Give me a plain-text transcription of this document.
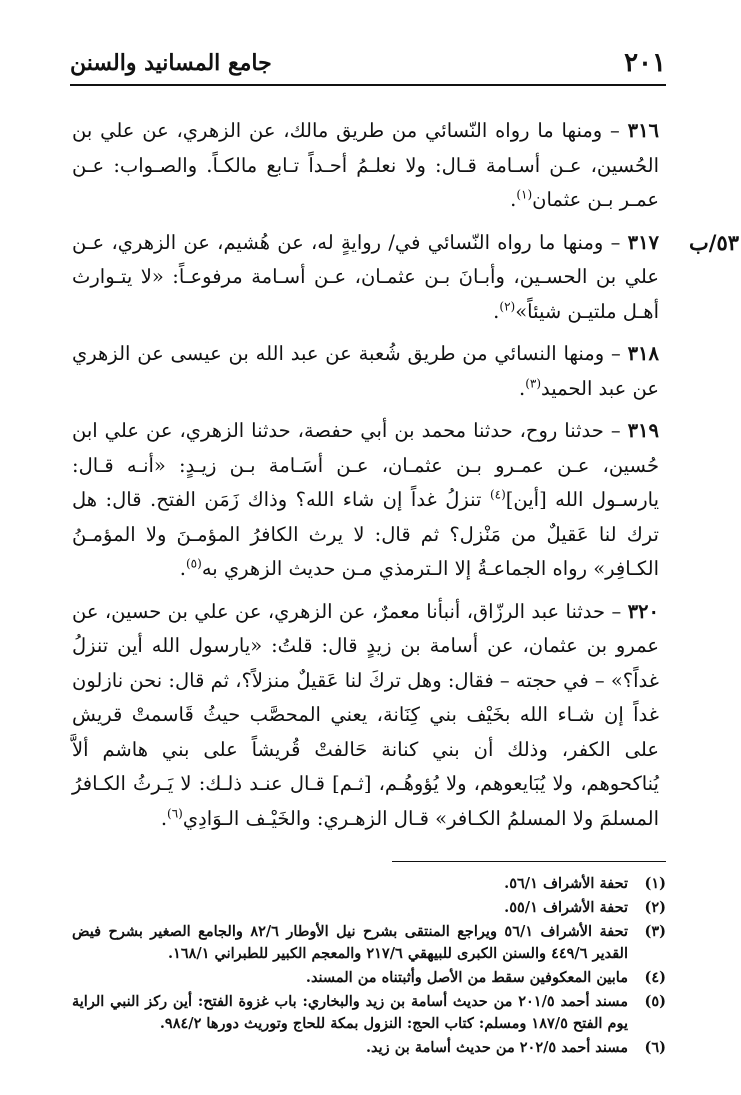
٢٠١
جامع المسانيد والسنن

٣١٦ – ومنها ما رواه النّسائي من طريق مالك، عن الزهري، عن علي بن الحُسين، عـن أسـامة قـال: ولا نعلـمُ أحـداً تـابع مالكـاً. والصـواب: عـن عمـر بـن عثمان$^{(١)}$.

٥٣/ب
٣١٧ – ومنها ما رواه النّسائي في/ روايةٍ له، عن هُشيم، عن الزهري، عـن علي بن الحسـين، وأبـانَ بـن عثمـان، عـن أسـامة مرفوعـاً: «لا يتـوارث أهـل ملتيـن شيئاً»$^{(٢)}$.

٣١٨ – ومنها النسائي من طريق شُعبة عن عبد الله بن عيسى عن الزهري عن عبد الحميد$^{(٣)}$.

٣١٩ – حدثنا روح، حدثنا محمد بن أبي حفصة، حدثنا الزهري، عن علي ابن حُسين، عـن عمـرو بـن عثمـان، عـن أسَـامة بـن زيـدٍ: «أنـه قـال: يارسـول الله [أين]$^{(٤)}$ تنزلُ غداً إن شاء الله؟ وذاك زَمَن الفتح. قال: هل ترك لنا عَقيلٌ من مَنْزل؟ ثم قال: لا يرث الكافرُ المؤمـنَ ولا المؤمـنُ الكـافِر» رواه الجماعـةُ إلا الـترمذي مـن حديث الزهري به$^{(٥)}$.

٣٢٠ – حدثنا عبد الرزّاق، أنبأنا معمرٌ، عن الزهري، عن علي بن حسين، عن عمرو بن عثمان، عن أسامة بن زيدٍ قال: قلتُ: «يارسول الله أين تنزلُ غداً؟» – في حجته – فقال: وهل تركَ لنا عَقيلٌ منزلاً؟، ثم قال: نحن نازلون غداً إن شـاء الله بخَيْف بني كِنَانة، يعني المحصَّب حيثُ قَاسمتْ قريش على الكفر، وذلك أن بني كنانة حَالفتْ قُريشاً على بني هاشم ألاَّ يُناكحوهم، ولا يُبَايعوهم، ولا يُؤوهُـم، [ثـم] قـال عنـد ذلـك: لا يَـرثُ الكـافرُ المسلمَ ولا المسلمُ الكـافر» قـال الزهـري: والخَيْـف الـوَادِي$^{(٦)}$.

(١)
تحفة الأشراف ٥٦/١.
(٢)
تحفة الأشراف ٥٥/١.
(٣)
تحفة الأشراف ٥٦/١ ويراجع المنتقى بشرح نيل الأوطار ٨٢/٦ والجامع الصغير بشرح فيض القدير ٤٤٩/٦ والسنن الكبرى للبيهقي ٢١٧/٦ والمعجم الكبير للطبراني ١٦٨/١.
(٤)
مابين المعكوفين سقط من الأصل وأثبتناه من المسند.
(٥)
مسند أحمد ٢٠١/٥ من حديث أسامة بن زيد والبخاري: باب غزوة الفتح: أين ركز النبي الراية يوم الفتح ١٨٧/٥ ومسلم: كتاب الحج: النزول بمكة للحاج وتوريث دورها ٩٨٤/٢.
(٦)
مسند أحمد ٢٠٢/٥ من حديث أسامة بن زيد.
